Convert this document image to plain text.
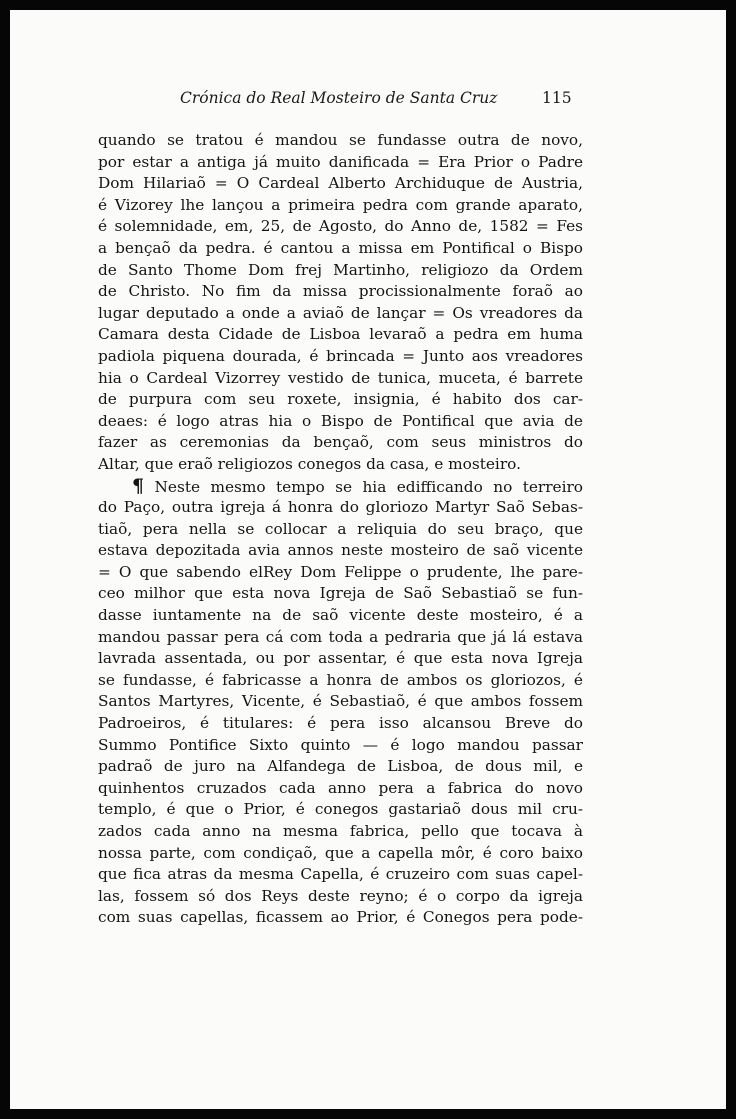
Crónica do Real Mosteiro de Santa Cruz	115
quando se tratou é mandou se fundasse outra de novo,
por estar a antiga já muito danificada = Era Prior o Padre
Dom Hilariaõ = O Cardeal Alberto Archiduque de Austria,
é Vizorey lhe lançou a primeira pedra com grande aparato,
é solemnidade, em, 25, de Agosto, do Anno de, 1582 = Fes
a bençaõ da pedra. é cantou a missa em Pontifical o Bispo
de Santo Thome Dom frej Martinho, religiozo da Ordem
de Christo. No fim da missa procissionalmente foraõ ao
lugar deputado a onde a aviaõ de lançar = Os vreadores da
Camara desta Cidade de Lisboa levaraõ a pedra em huma
padiola piquena dourada, é brincada = Junto aos vreadores
hia o Cardeal Vizorrey vestido de tunica, muceta, é barrete
de purpura com seu roxete, insignia, é habito dos car-
deaes: é logo atras hia o Bispo de Pontifical que avia de
fazer as ceremonias da bençaõ, com seus ministros do
Altar, que eraõ religiozos conegos da casa, e mosteiro.
¶ Neste mesmo tempo se hia edifficando no terreiro
do Paço, outra igreja á honra do gloriozo Martyr Saõ Sebas-
tiaõ, pera nella se collocar a reliquia do seu braço, que
estava depozitada avia annos neste mosteiro de saõ vicente
= O que sabendo elRey Dom Felippe o prudente, lhe pare-
ceo milhor que esta nova Igreja de Saõ Sebastiaõ se fun-
dasse iuntamente na de saõ vicente deste mosteiro, é a
mandou passar pera cá com toda a pedraria que já lá estava
lavrada assentada, ou por assentar, é que esta nova Igreja
se fundasse, é fabricasse a honra de ambos os gloriozos, é
Santos Martyres, Vicente, é Sebastiaõ, é que ambos fossem
Padroeiros, é titulares: é pera isso alcansou Breve do
Summo Pontifice Sixto quinto — é logo mandou passar
padraõ de juro na Alfandega de Lisboa, de dous mil, e
quinhentos cruzados cada anno pera a fabrica do novo
templo, é que o Prior, é conegos gastariaõ dous mil cru-
zados cada anno na mesma fabrica, pello que tocava à
nossa parte, com condiçaõ, que a capella môr, é coro baixo
que fica atras da mesma Capella, é cruzeiro com suas capel-
las, fossem só dos Reys deste reyno; é o corpo da igreja
com suas capellas, ficassem ao Prior, é Conegos pera pode-
